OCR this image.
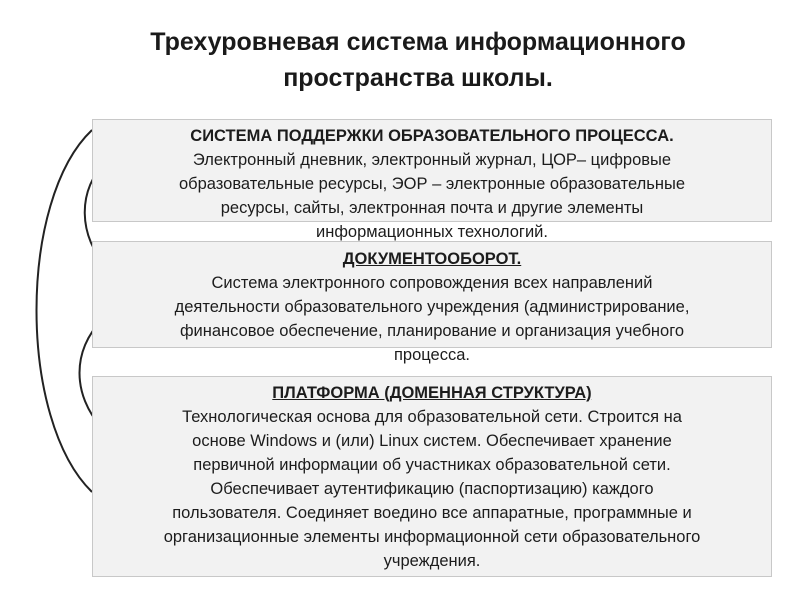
Трехуровневая система информационного
пространства школы.
СИСТЕМА ПОДДЕРЖКИ ОБРАЗОВАТЕЛЬНОГО ПРОЦЕССА.
Электронный дневник, электронный журнал, ЦОР– цифровые
образовательные ресурсы, ЭОР – электронные образовательные
ресурсы, сайты, электронная почта и другие элементы
информационных технологий.
ДОКУМЕНТООБОРОТ.
Система электронного сопровождения всех направлений
деятельности образовательного учреждения (администрирование,
финансовое обеспечение, планирование и организация учебного
процесса.
ПЛАТФОРМА (ДОМЕННАЯ СТРУКТУРА)
Технологическая основа для образовательной сети. Строится на
основе Windows и (или) Linux систем. Обеспечивает хранение
первичной информации об участниках образовательной сети.
Обеспечивает аутентификацию (паспортизацию) каждого
пользователя. Соединяет воедино все аппаратные, программные и
организационные элементы информационной сети образовательного
учреждения.
